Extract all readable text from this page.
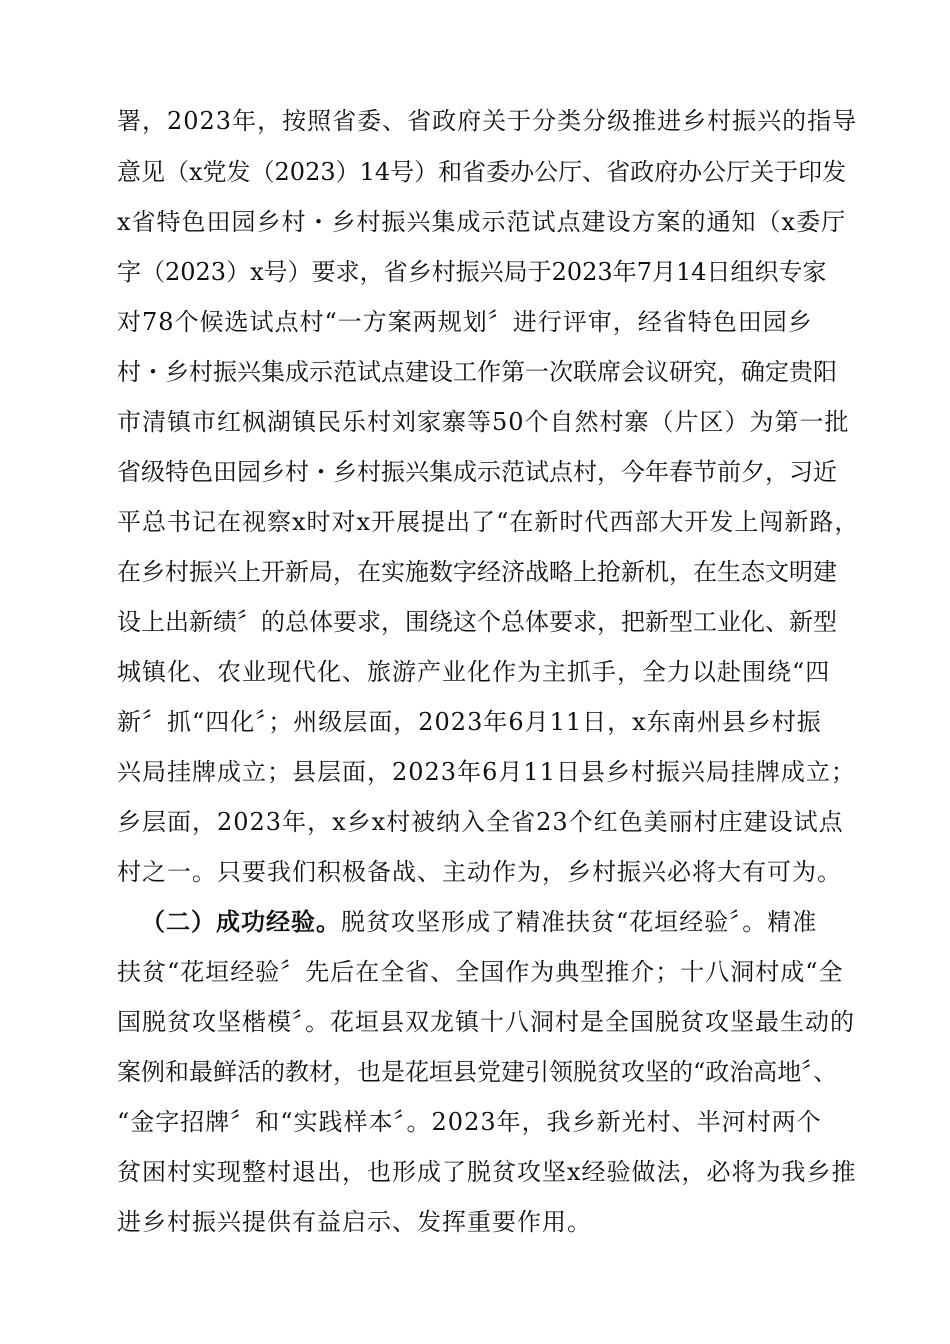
署，2023年，按照省委、省政府关于分类分级推进乡村振兴的指导
意见（x党发（2023）14号）和省委办公厅、省政府办公厅关于印发
x省特色田园乡村・乡村振兴集成示范试点建设方案的通知（x委厅
字（2023）x号）要求，省乡村振兴局于2023年7月14日组织专家
对78个候选试点村“一方案两规划〞进行评审，经省特色田园乡
村・乡村振兴集成示范试点建设工作第一次联席会议研究，确定贵阳
市清镇市红枫湖镇民乐村刘家寨等50个自然村寨（片区）为第一批
省级特色田园乡村・乡村振兴集成示范试点村，今年春节前夕，习近
平总书记在视察x时对x开展提出了“在新时代西部大开发上闯新路，
在乡村振兴上开新局，在实施数字经济战略上抢新机，在生态文明建
设上出新绩〞的总体要求，围绕这个总体要求，把新型工业化、新型
城镇化、农业现代化、旅游产业化作为主抓手，全力以赴围绕“四
新〞抓“四化〞；州级层面，2023年6月11日，x东南州县乡村振
兴局挂牌成立；县层面，2023年6月11日县乡村振兴局挂牌成立；
乡层面，2023年，x乡x村被纳入全省23个红色美丽村庄建设试点
村之一。只要我们积极备战、主动作为，乡村振兴必将大有可为。
（二）成功经验。脱贫攻坚形成了精准扶贫“花垣经验〞。精准
扶贫“花垣经验〞先后在全省、全国作为典型推介；十八洞村成“全
国脱贫攻坚楷模〞。花垣县双龙镇十八洞村是全国脱贫攻坚最生动的
案例和最鲜活的教材，也是花垣县党建引领脱贫攻坚的“政治高地〞、
“金字招牌〞和“实践样本〞。2023年，我乡新光村、半河村两个
贫困村实现整村退出，也形成了脱贫攻坚x经验做法，必将为我乡推
进乡村振兴提供有益启示、发挥重要作用。
